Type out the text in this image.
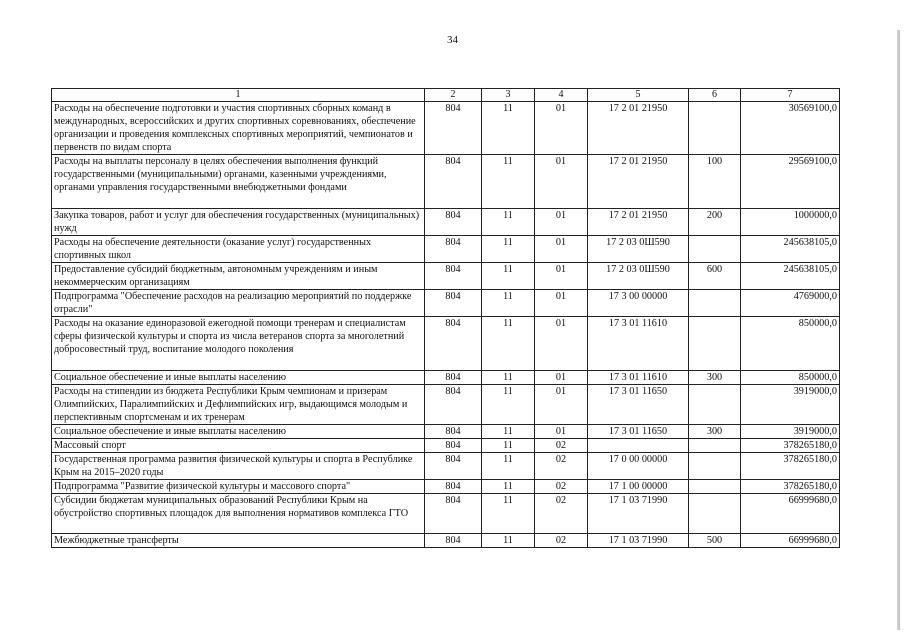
34
1	2	3	4	5	6	7
Расходы на обеспечение подготовки и участия спортивных сборных команд в международных, всероссийских и других спортивных соревнованиях, обеспечение организации и проведения комплексных спортивных мероприятий, чемпионатов и первенств по видам спорта	804	11	01	17 2 01 21950		30569100,0
Расходы на выплаты персоналу в целях обеспечения выполнения функций государственными (муниципальными) органами, казенными учреждениями, органами управления государственными внебюджетными фондами	804	11	01	17 2 01 21950	100	29569100,0
Закупка товаров, работ и услуг для обеспечения государственных (муниципальных) нужд	804	11	01	17 2 01 21950	200	1000000,0
Расходы на обеспечение деятельности (оказание услуг) государственных спортивных школ	804	11	01	17 2 03 0Ш590		245638105,0
Предоставление субсидий бюджетным, автономным учреждениям и иным некоммерческим организациям	804	11	01	17 2 03 0Ш590	600	245638105,0
Подпрограмма "Обеспечение расходов на реализацию мероприятий по поддержке отрасли"	804	11	01	17 3 00 00000		4769000,0
Расходы на оказание единоразовой ежегодной помощи тренерам и специалистам сферы физической культуры и спорта из числа ветеранов спорта за многолетний добросовестный труд, воспитание молодого поколения	804	11	01	17 3 01 11610		850000,0
Социальное обеспечение и иные выплаты населению	804	11	01	17 3 01 11610	300	850000,0
Расходы на стипендии из бюджета Республики Крым чемпионам и призерам Олимпийских, Паралимпийских и Дефлимпийских игр, выдающимся молодым и перспективным спортсменам и их тренерам	804	11	01	17 3 01 11650		3919000,0
Социальное обеспечение и иные выплаты населению	804	11	01	17 3 01 11650	300	3919000,0
Массовый спорт	804	11	02			378265180,0
Государственная программа развития физической культуры и спорта в Республике Крым на 2015–2020 годы	804	11	02	17 0 00 00000		378265180,0
Подпрограмма "Развитие физической культуры и массового спорта"	804	11	02	17 1 00 00000		378265180,0
Субсидии бюджетам муниципальных образований Республики Крым на обустройство спортивных площадок для выполнения нормативов комплекса ГТО	804	11	02	17 1 03 71990		66999680,0
Межбюджетные трансферты	804	11	02	17 1 03 71990	500	66999680,0
